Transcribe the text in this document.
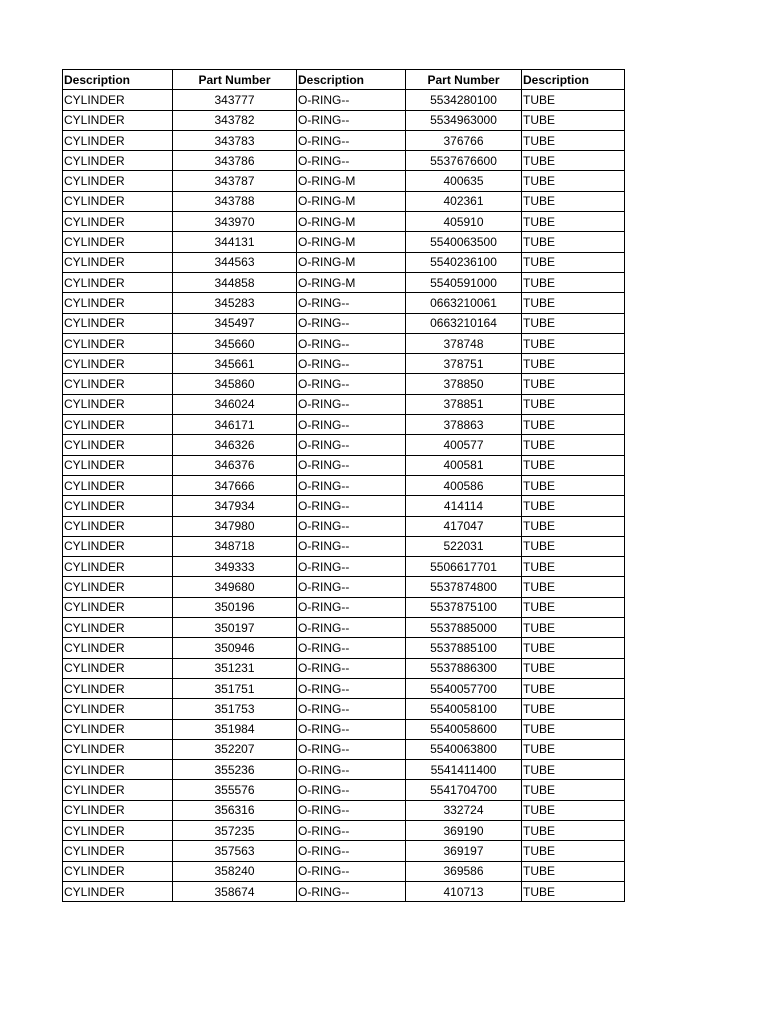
Description	Part Number	Description	Part Number	Description
CYLINDER	343777	O-RING--	5534280100	TUBE
CYLINDER	343782	O-RING--	5534963000	TUBE
CYLINDER	343783	O-RING--	376766	TUBE
CYLINDER	343786	O-RING--	5537676600	TUBE
CYLINDER	343787	O-RING-M	400635	TUBE
CYLINDER	343788	O-RING-M	402361	TUBE
CYLINDER	343970	O-RING-M	405910	TUBE
CYLINDER	344131	O-RING-M	5540063500	TUBE
CYLINDER	344563	O-RING-M	5540236100	TUBE
CYLINDER	344858	O-RING-M	5540591000	TUBE
CYLINDER	345283	O-RING--	0663210061	TUBE
CYLINDER	345497	O-RING--	0663210164	TUBE
CYLINDER	345660	O-RING--	378748	TUBE
CYLINDER	345661	O-RING--	378751	TUBE
CYLINDER	345860	O-RING--	378850	TUBE
CYLINDER	346024	O-RING--	378851	TUBE
CYLINDER	346171	O-RING--	378863	TUBE
CYLINDER	346326	O-RING--	400577	TUBE
CYLINDER	346376	O-RING--	400581	TUBE
CYLINDER	347666	O-RING--	400586	TUBE
CYLINDER	347934	O-RING--	414114	TUBE
CYLINDER	347980	O-RING--	417047	TUBE
CYLINDER	348718	O-RING--	522031	TUBE
CYLINDER	349333	O-RING--	5506617701	TUBE
CYLINDER	349680	O-RING--	5537874800	TUBE
CYLINDER	350196	O-RING--	5537875100	TUBE
CYLINDER	350197	O-RING--	5537885000	TUBE
CYLINDER	350946	O-RING--	5537885100	TUBE
CYLINDER	351231	O-RING--	5537886300	TUBE
CYLINDER	351751	O-RING--	5540057700	TUBE
CYLINDER	351753	O-RING--	5540058100	TUBE
CYLINDER	351984	O-RING--	5540058600	TUBE
CYLINDER	352207	O-RING--	5540063800	TUBE
CYLINDER	355236	O-RING--	5541411400	TUBE
CYLINDER	355576	O-RING--	5541704700	TUBE
CYLINDER	356316	O-RING--	332724	TUBE
CYLINDER	357235	O-RING--	369190	TUBE
CYLINDER	357563	O-RING--	369197	TUBE
CYLINDER	358240	O-RING--	369586	TUBE
CYLINDER	358674	O-RING--	410713	TUBE
